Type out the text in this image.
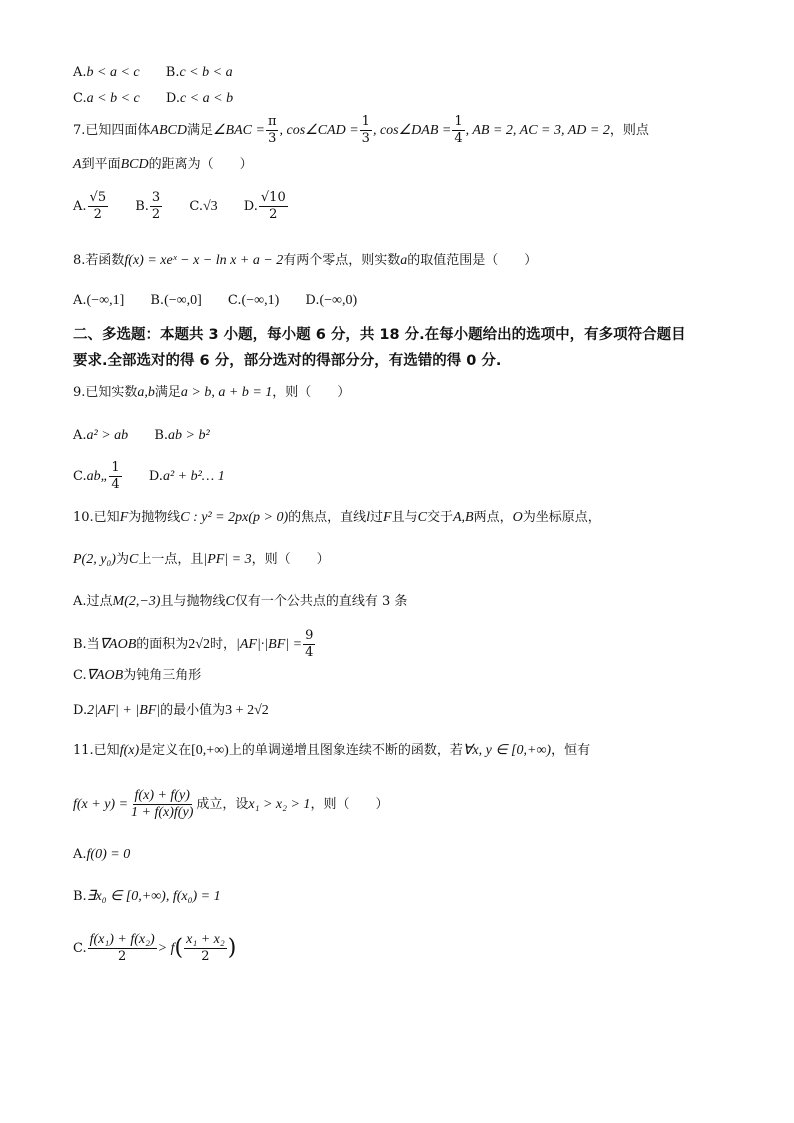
A.b < a < c B.c < b < a
C.a < b < c D.c < a < b
7.已知四面体ABCD满足∠BAC = $\frac{\pi}{3}$ , cos∠CAD = $\frac{1}{3}$ , cos∠DAB = $\frac{1}{4}$ , AB = 2, AC = 3, AD = 2，则点
A到平面BCD的距离为（　　）
A. $\frac{√5}{2} B$. $\frac{3}{2} C.√3$ D. $\frac{√10}{2}$
8.若函数f(x) = xeˣ − x − ln x + a − 2有两个零点，则实数a的取值范围是（　　）
A.(−∞,1] B.(−∞,0] C.(−∞,1) D.(−∞,0)
二、多选题：本题共 3 小题，每小题 6 分，共 18 分.在每小题给出的选项中，有多项符合题目
要求.全部选对的得 6 分，部分选对的得部分分，有选错的得 0 分.
9.已知实数a,b满足a > b, a + b = 1，则（　　）
A.a² > ab B.ab > b²
C.ab„ $\frac{1}{4} D.a^2$ + b²… 1
10.已知F为抛物线C : y² = 2px(p > 0)的焦点，直线l过F且与C交于A,B两点，O为坐标原点，
P(2, y₀)为C上一点，且|PF| = 3，则（　　）
A.过点M(2,−3)且与抛物线C仅有一个公共点的直线有 3 条
B.当∇AOB的面积为2√2时，$|AF|\cdot|BF| = \frac{9}{4}$
C.∇AOB为钝角三角形
D.2|AF| + |BF|的最小值为3 + 2√2
11.已知f(x)是定义在[0,+∞)上的单调递增且图象连续不断的函数，若∀x, y ∈ [0,+∞)，恒有
$f(x + y) = \frac{f(x) + f(y)}{1 + f(x)f(y)}$ 成立，设x₁ > x₂ > 1，则（　　）
A.f(0) = 0
B.∃x₀ ∈ [0,+∞), f(x₀) = 1
C. $\frac{\text{f(x₁) + f(x₂)}}{2} > f( \frac{\text{x₁ + x₂}}{2}$ )
